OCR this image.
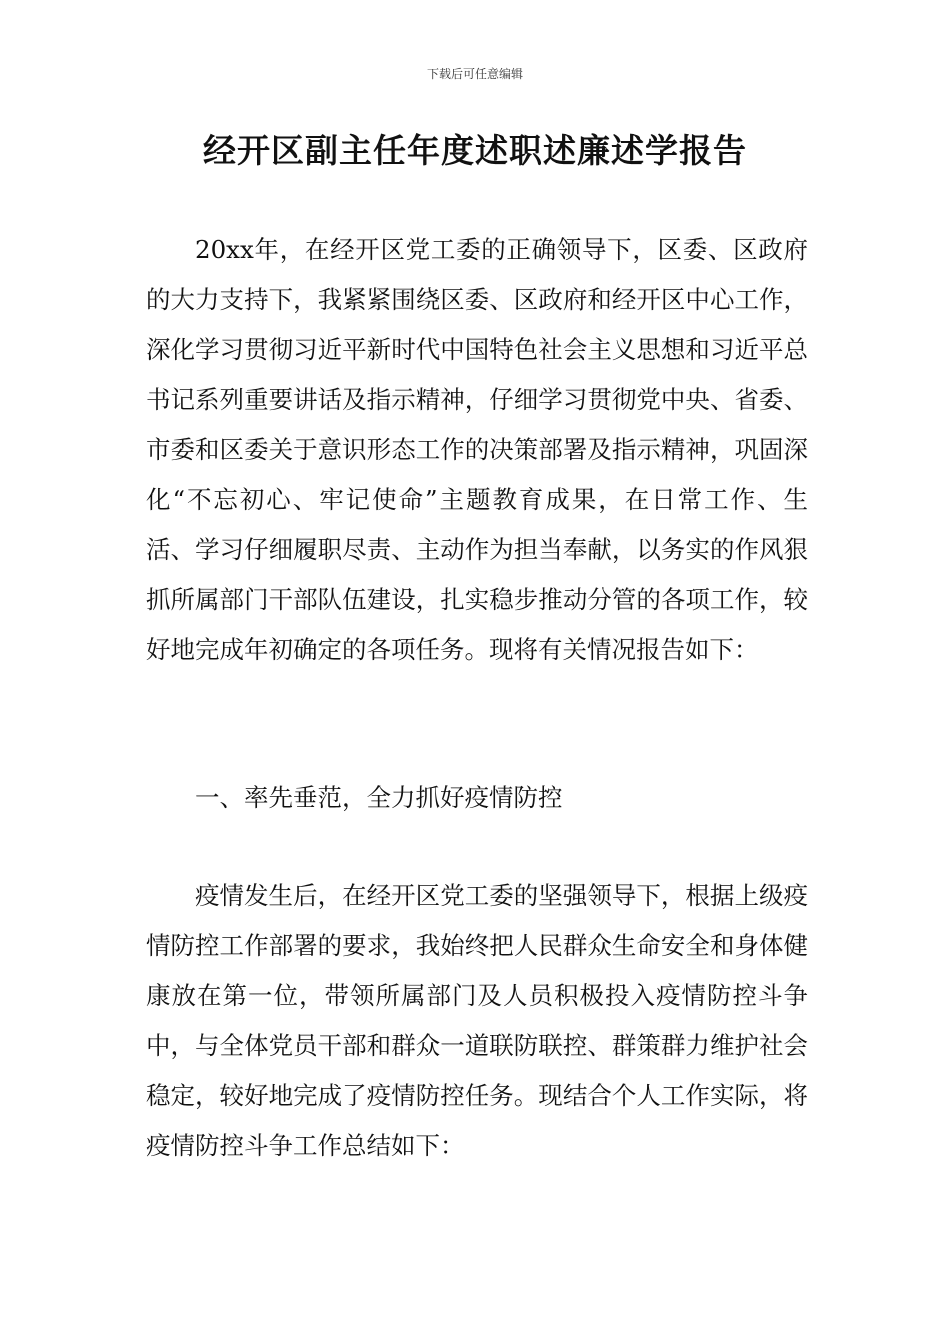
下载后可任意编辑
经开区副主任年度述职述廉述学报告

20xx年，在经开区党工委的正确领导下，区委、区政府的大力支持下，我紧紧围绕区委、区政府和经开区中心工作，深化学习贯彻习近平新时代中国特色社会主义思想和习近平总书记系列重要讲话及指示精神，仔细学习贯彻党中央、省委、市委和区委关于意识形态工作的决策部署及指示精神，巩固深化“不忘初心、牢记使命”主题教育成果，在日常工作、生活、学习仔细履职尽责、主动作为担当奉献，以务实的作风狠抓所属部门干部队伍建设，扎实稳步推动分管的各项工作，较好地完成年初确定的各项任务。现将有关情况报告如下：

一、率先垂范，全力抓好疫情防控

疫情发生后，在经开区党工委的坚强领导下，根据上级疫情防控工作部署的要求，我始终把人民群众生命安全和身体健康放在第一位，带领所属部门及人员积极投入疫情防控斗争中，与全体党员干部和群众一道联防联控、群策群力维护社会稳定，较好地完成了疫情防控任务。现结合个人工作实际，将疫情防控斗争工作总结如下：
